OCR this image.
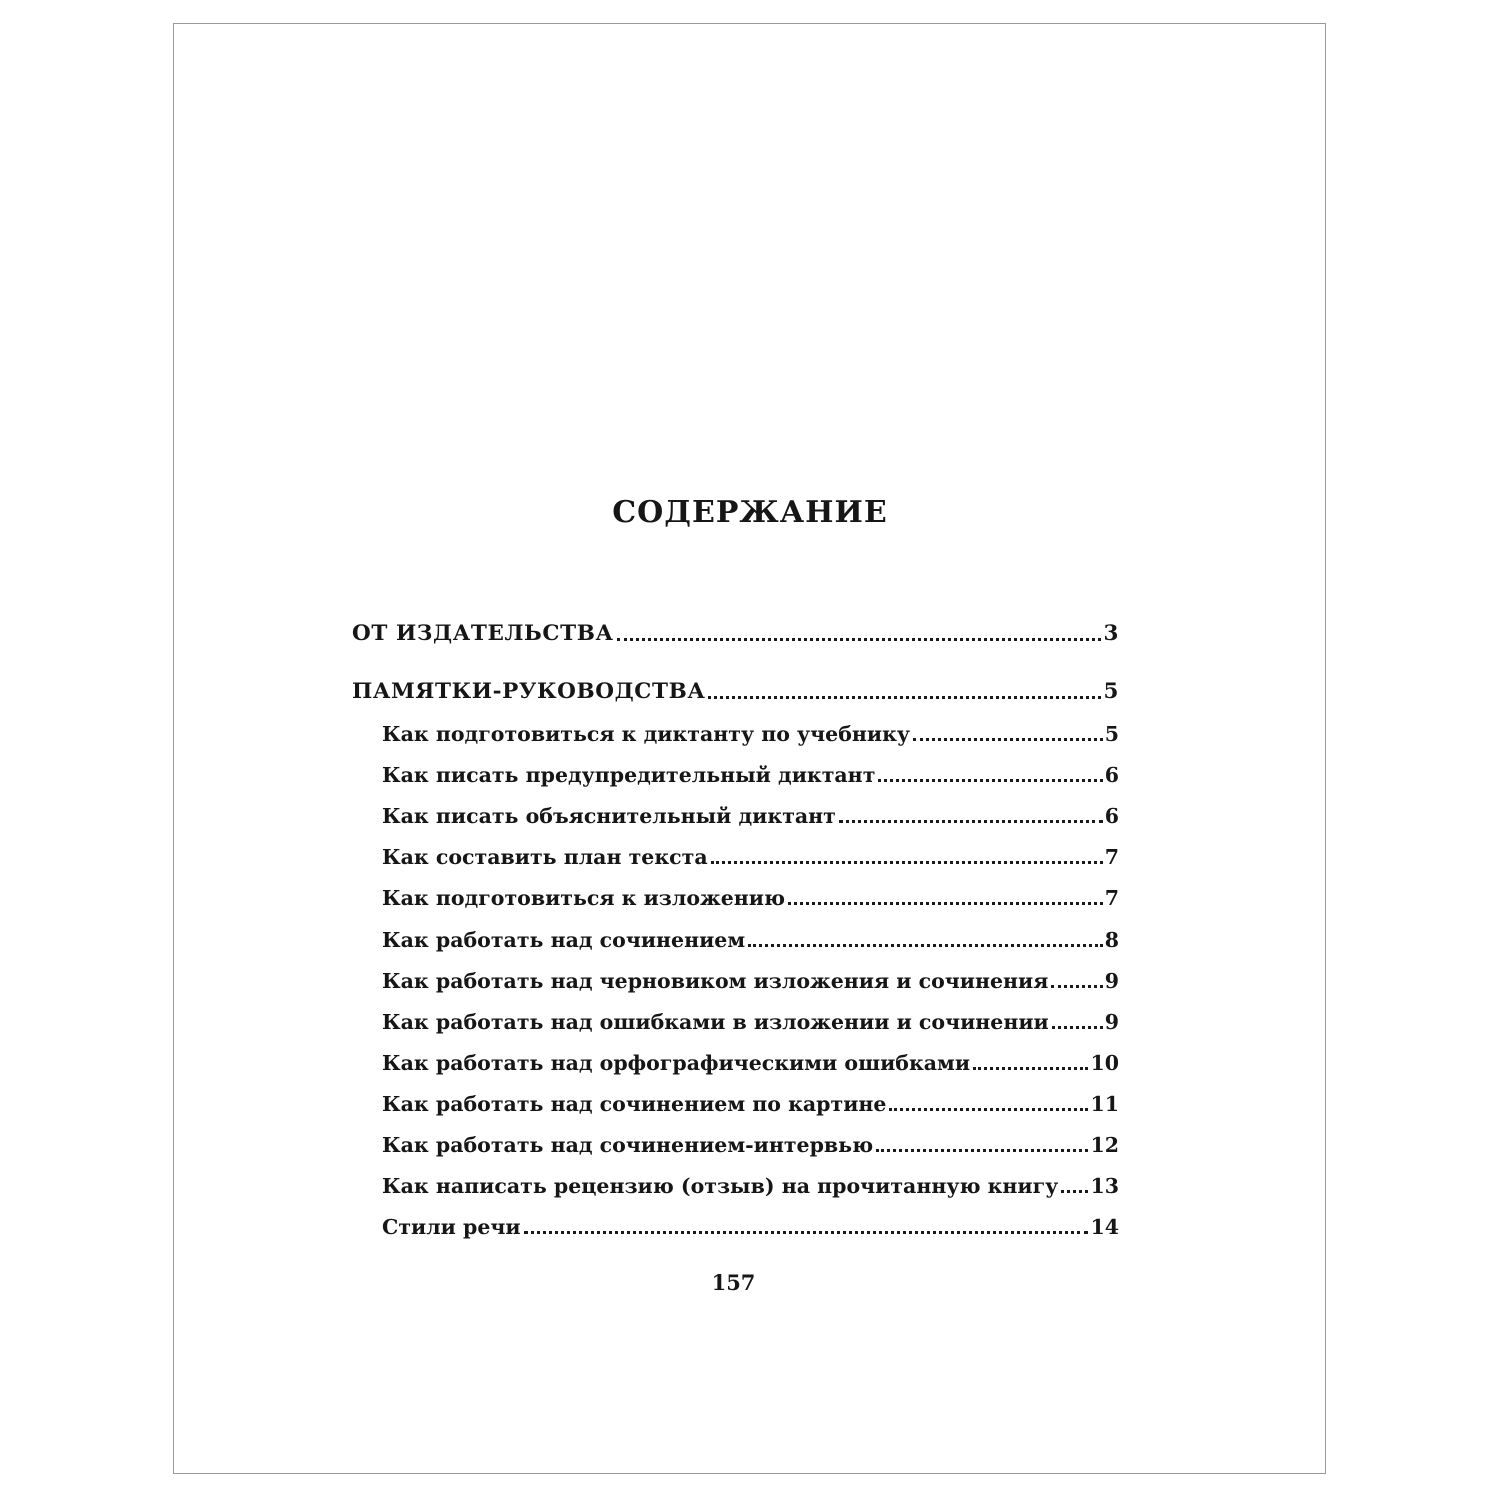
СОДЕРЖАНИЕ
ОТ ИЗДАТЕЛЬСТВА	3
ПАМЯТКИ-РУКОВОДСТВА	5
Как подготовиться к диктанту по учебнику	5
Как писать предупредительный диктант	6
Как писать объяснительный диктант	6
Как составить план текста	7
Как подготовиться к изложению	7
Как работать над сочинением	8
Как работать над черновиком изложения и сочинения	9
Как работать над ошибками в изложении и сочинении	9
Как работать над орфографическими ошибками	10
Как работать над сочинением по картине	11
Как работать над сочинением-интервью	12
Как написать рецензию (отзыв) на прочитанную книгу 13
Стили речи	14

157
